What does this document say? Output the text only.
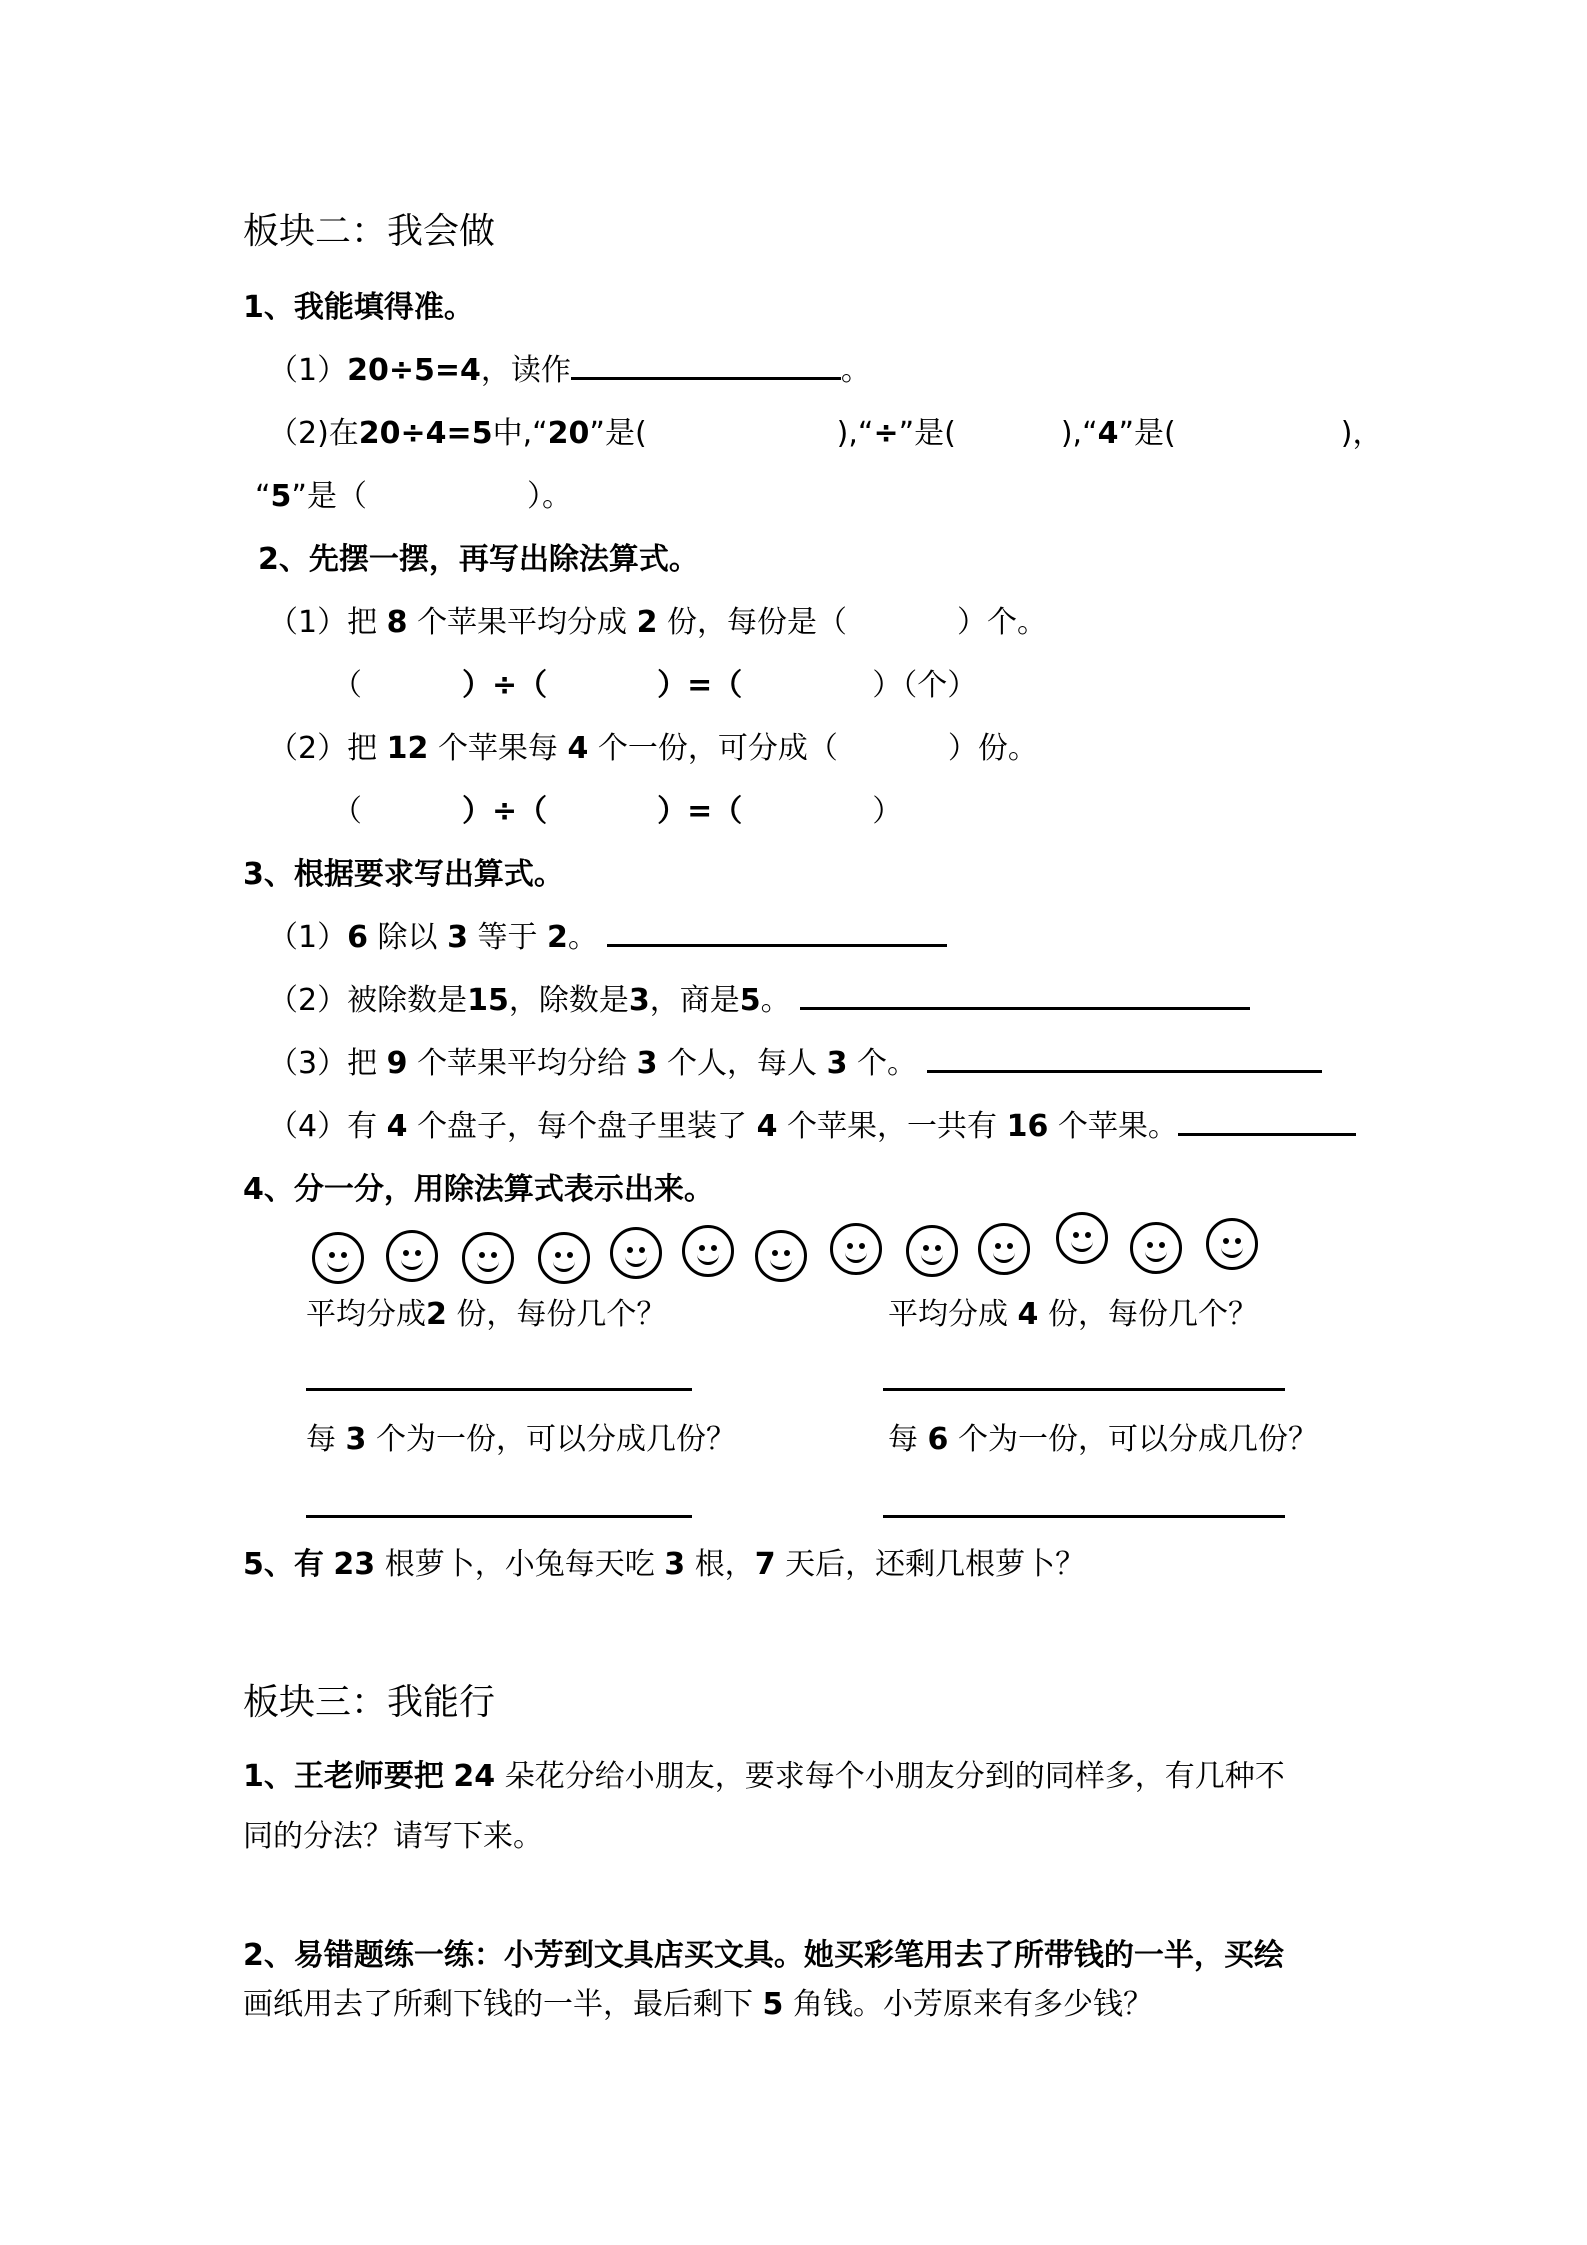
板块二：我会做
1、我能填得准。
（1）20÷5=4，读作	。
（2)在20÷4=5中,“20”是(	),“÷”是(	),“4”是(	)，
“5”是（	）。
2、先摆一摆，再写出除法算式。
（1）把 8 个苹果平均分成 2 份，每份是（	）个。
（	）÷（	）=（	）（个）
（2）把 12 个苹果每 4 个一份，可分成（	）份。
（	）÷（	）=（	）
3、根据要求写出算式。
（1）6 除以 3 等于 2。
（2）被除数是15，除数是3，商是5。
（3）把 9 个苹果平均分给 3 个人，每人 3 个。
（4）有 4 个盘子，每个盘子里装了 4 个苹果，一共有 16 个苹果。
4、分一分，用除法算式表示出来。
平均分成2 份，每份几个？	平均分成 4 份，每份几个？
每 3 个为一份，可以分成几份？	每 6 个为一份，可以分成几份？
5、有 23 根萝卜，小兔每天吃 3 根，7 天后，还剩几根萝卜？
板块三：我能行
1、王老师要把 24 朵花分给小朋友，要求每个小朋友分到的同样多，有几种不
同的分法？请写下来。
2、易错题练一练：小芳到文具店买文具。她买彩笔用去了所带钱的一半，买绘
画纸用去了所剩下钱的一半，最后剩下 5 角钱。小芳原来有多少钱？
